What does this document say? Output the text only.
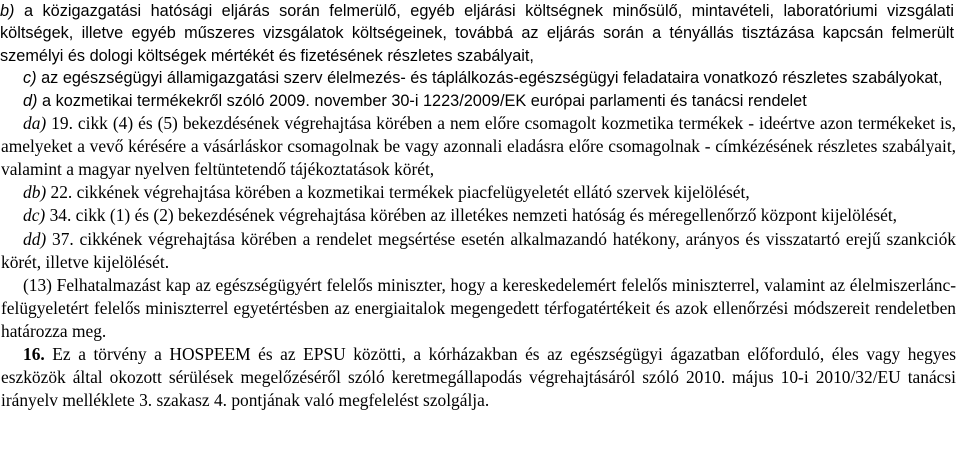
b) a közigazgatási hatósági eljárás során felmerülő, egyéb eljárási költségnek minősülő, mintavételi, laboratóriumi vizsgálati költségek, illetve egyéb műszeres vizsgálatok költségeinek, továbbá az eljárás során a tényállás tisztázása kapcsán felmerült személyi és dologi költségek mértékét és fizetésének részletes szabályait,

c) az egészségügyi államigazgatási szerv élelmezés- és táplálkozás-egészségügyi feladataira vonatkozó részletes szabályokat,

d) a kozmetikai termékekről szóló 2009. november 30-i 1223/2009/EK európai parlamenti és tanácsi rendelet

da) 19. cikk (4) és (5) bekezdésének végrehajtása körében a nem előre csomagolt kozmetika termékek - ideértve azon termékeket is, amelyeket a vevő kérésére a vásárláskor csomagolnak be vagy azonnali eladásra előre csomagolnak - címkézésének részletes szabályait, valamint a magyar nyelven feltüntetendő tájékoztatások körét,

db) 22. cikkének végrehajtása körében a kozmetikai termékek piacfelügyeletét ellátó szervek kijelölését,

dc) 34. cikk (1) és (2) bekezdésének végrehajtása körében az illetékes nemzeti hatóság és méregellenőrző központ kijelölését,

dd) 37. cikkének végrehajtása körében a rendelet megsértése esetén alkalmazandó hatékony, arányos és visszatartó erejű szankciók körét, illetve kijelölését.

(13) Felhatalmazást kap az egészségügyért felelős miniszter, hogy a kereskedelemért felelős miniszterrel, valamint az élelmiszerlánc-felügyeletért felelős miniszterrel egyetértésben az energiaitalok megengedett térfogatértékeit és azok ellenőrzési módszereit rendeletben határozza meg.

16. Ez a törvény a HOSPEEM és az EPSU közötti, a kórházakban és az egészségügyi ágazatban előforduló, éles vagy hegyes eszközök által okozott sérülések megelőzéséről szóló keretmegállapodás végrehajtásáról szóló 2010. május 10-i 2010/32/EU tanácsi irányelv melléklete 3. szakasz 4. pontjának való megfelelést szolgálja.
